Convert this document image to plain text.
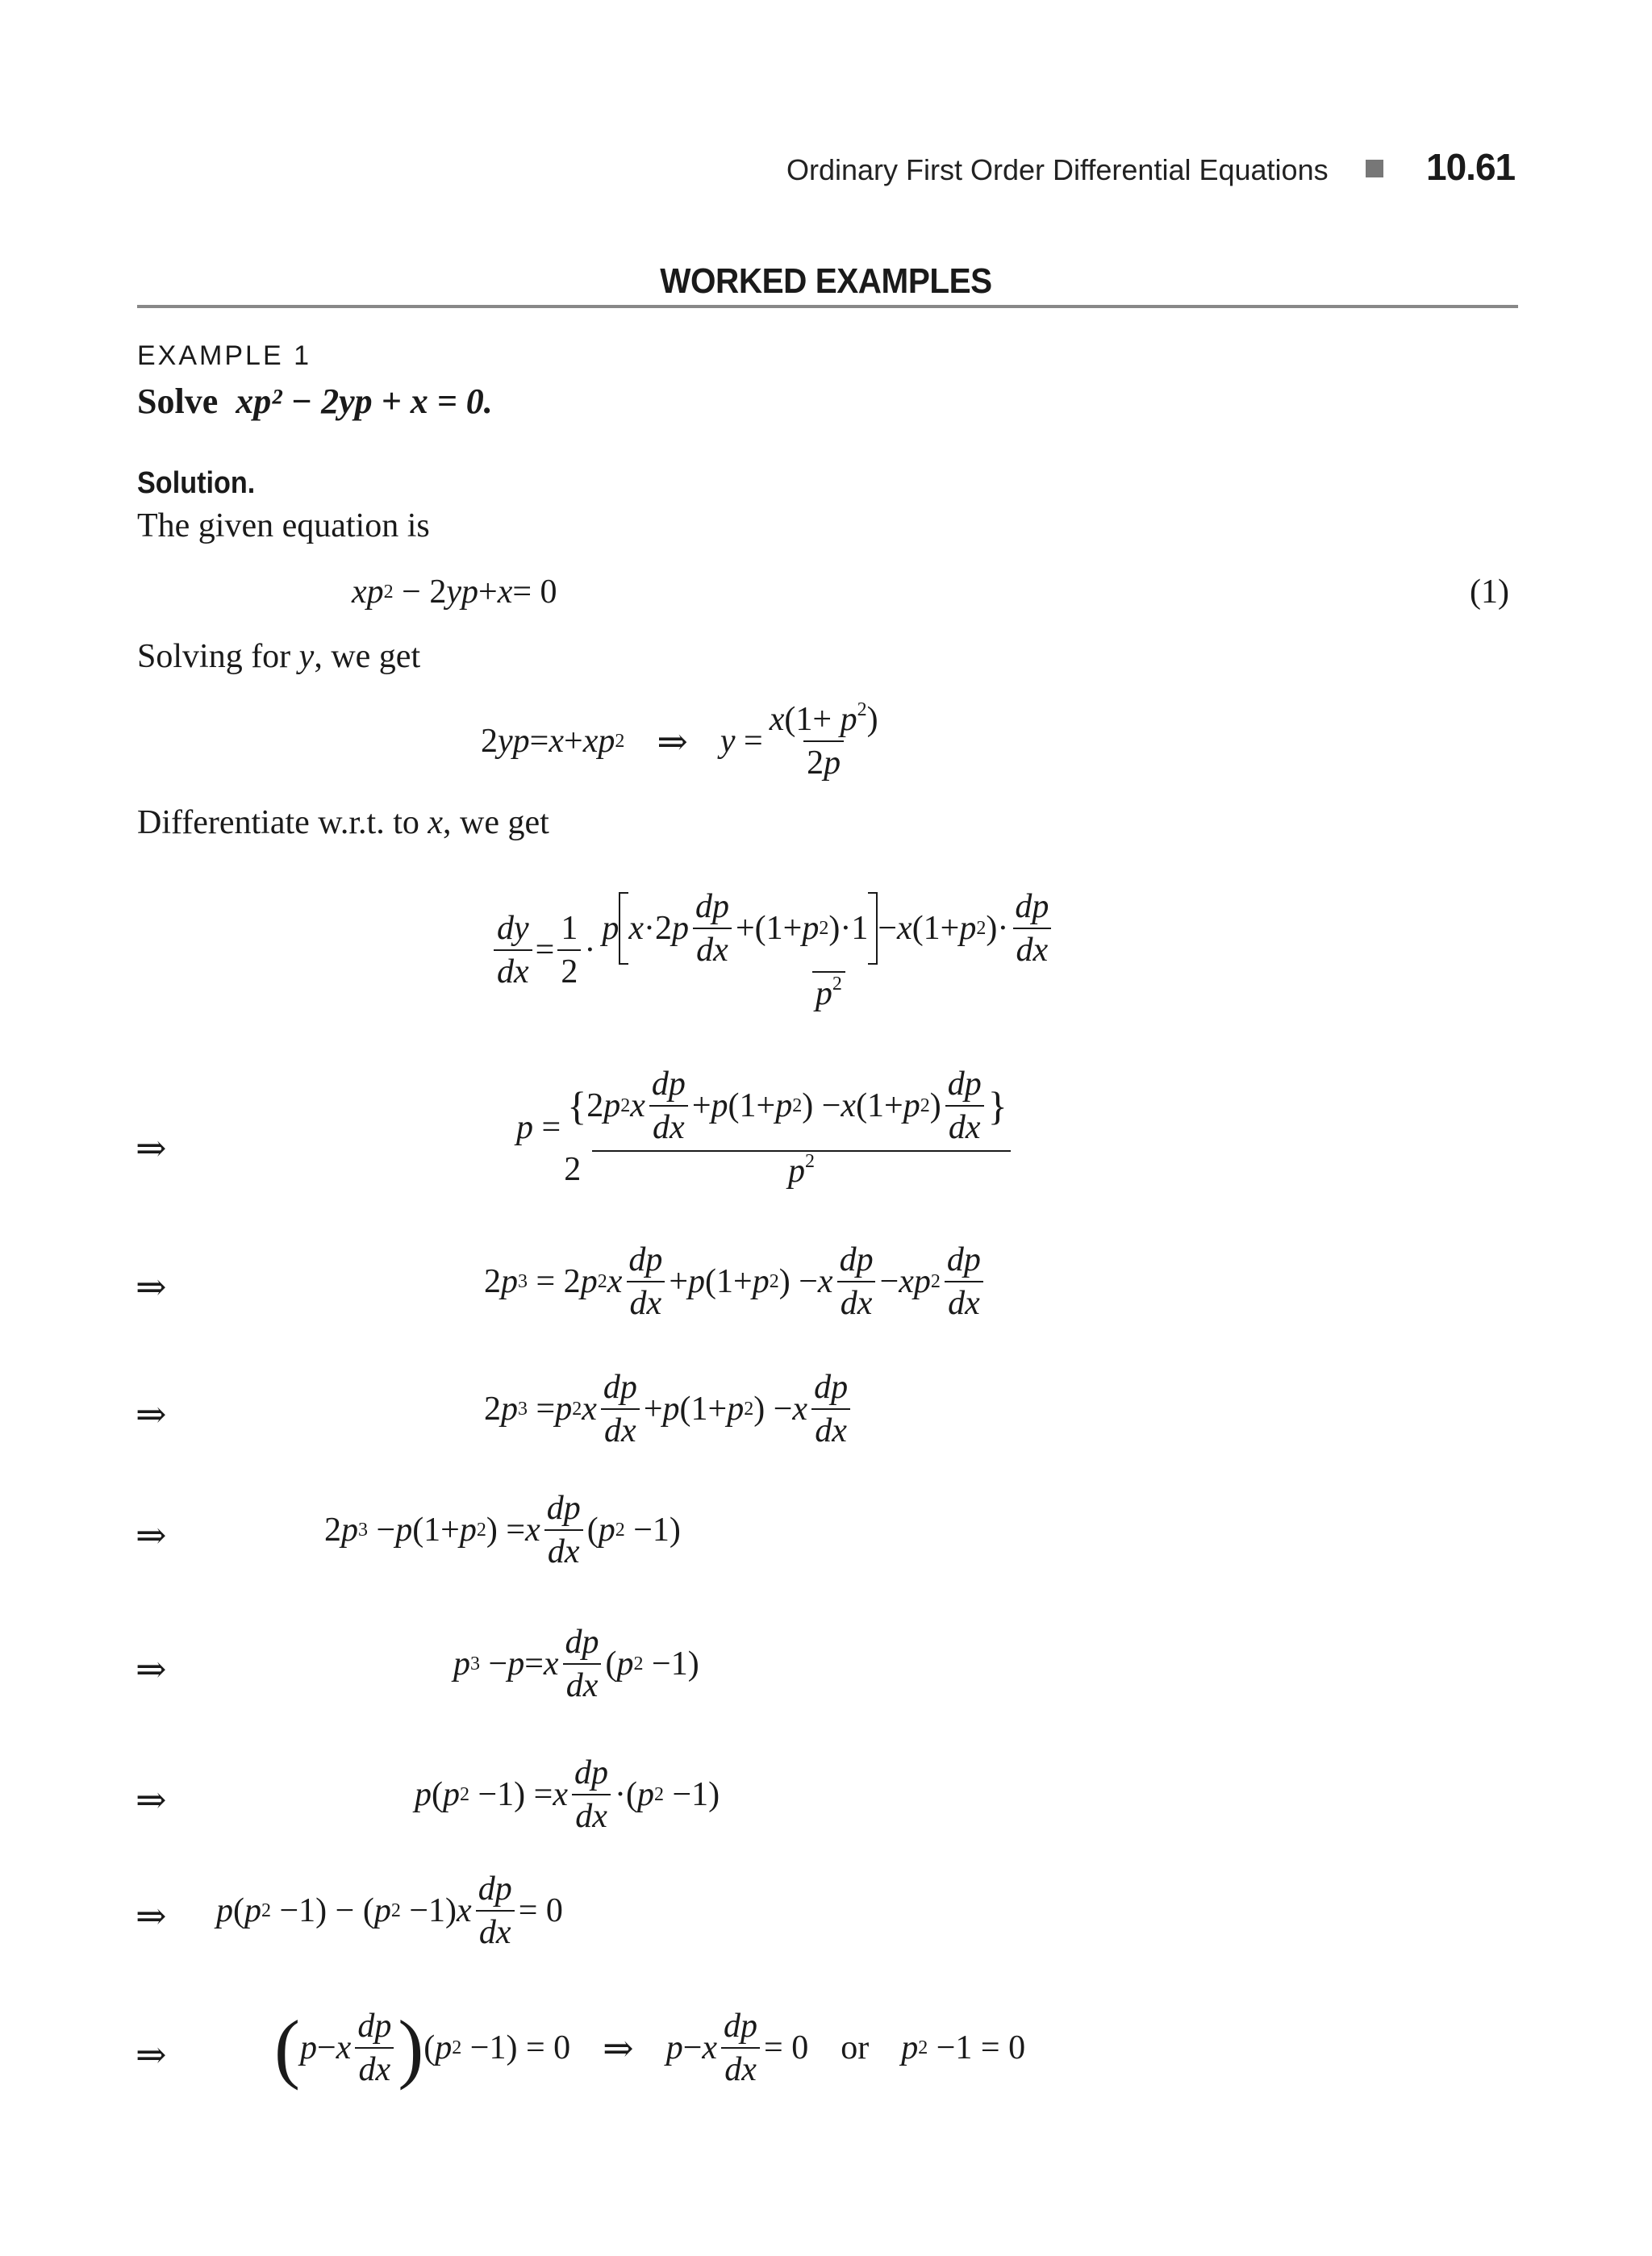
Ordinary First Order Differential Equations	10.61
WORKED EXAMPLES
EXAMPLE 1
Solve xp² − 2yp + x = 0.
Solution.
The given equation is
xp 2 − 2 yp + x = 0	(1)
Solving for y, we get
2 yp = x + xp 2 ⇒ $y = \frac{x(1+ p^2)}{2p}$
Differentiate w.r.t. to x, we get
$\frac{dy}{dx} = \frac{1}{2} \cdot \frac{p x \cdot 2 p \frac{dp}{dx} +(1+ p 2 )\cdot 1 - x (1+ p 2 )\cdot \frac{dp}{dx}}{p^2}$
⇒	p = { 2 p 2 x $\frac{dp}{dx} + p$ (1+ p 2 ) − x (1+ p 2 ) $\frac{dp}{dx}$ }
2	$p^2$
⇒	2 p 3 = 2 p 2 x $\frac{dp}{dx} + p$ (1+ p 2 ) − x $\frac{dp}{dx}$ − xp $2 \frac{dp}{dx}$
⇒	2 p 3 = p 2 x $\frac{dp}{dx} + p$ (1+ p 2 ) − x $\frac{dp}{dx}$
⇒	2 p 3 − p (1+ p 2 ) = x $\frac{dp}{dx}$ ( p 2 −1)
⇒	p 3 − p = x $\frac{dp}{dx}$ ( p 2 −1)
⇒	p ( p 2 −1) = x $\frac{dp}{dx}$ ·( p 2 −1)
⇒ p ( p 2 −1) − ( p 2 −1) x $\frac{dp}{dx} = 0$
⇒ ( p − x $\frac{dp}{dx}$ ) ( p 2 −1) = 0 ⇒ p − x $\frac{dp}{dx} = 0$ or p 2 −1 = 0
